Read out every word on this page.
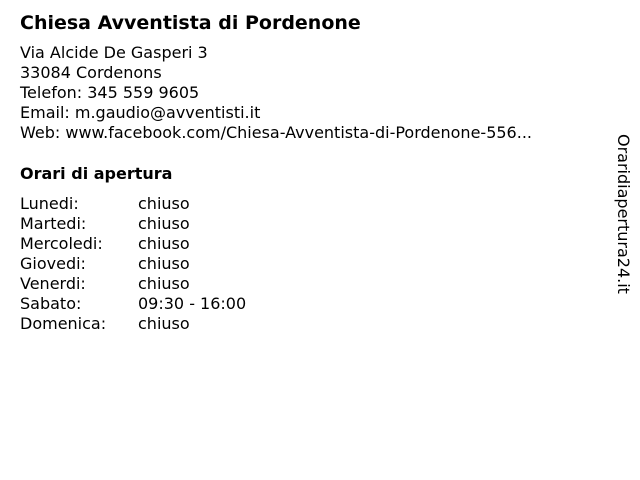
Chiesa Avventista di Pordenone
Via Alcide De Gasperi 3
33084 Cordenons
Telefon: 345 559 9605
Email: m.gaudio@avventisti.it
Web: www.facebook.com/Chiesa-Avventista-di-Pordenone-556...
Orari di apertura
Lunedi:	chiuso
Martedi:	chiuso
Mercoledi: chiuso
Giovedi:	chiuso
Venerdi:	chiuso
Sabato:	09:30 - 16:00
Domenica: chiuso
Oraridiapertura24.it
